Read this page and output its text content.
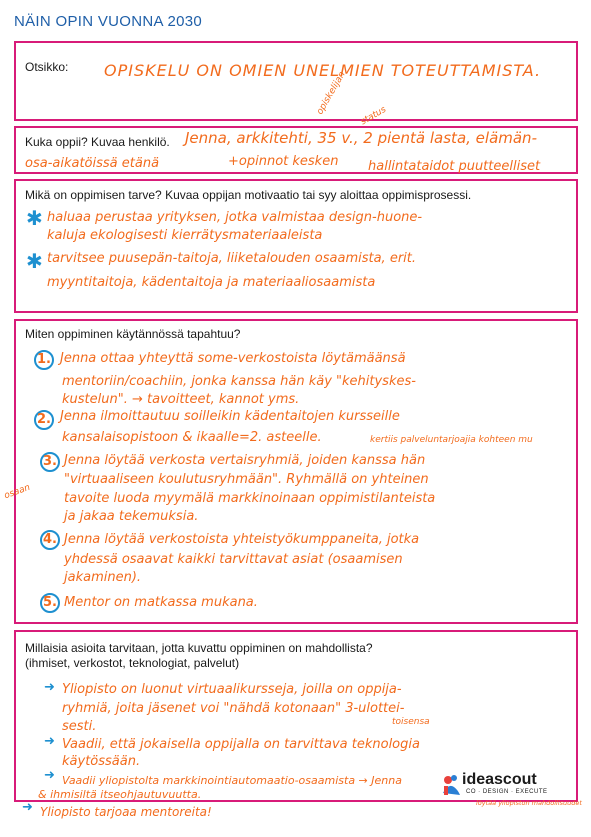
NÄIN OPIN VUONNA 2030
Otsikko: OPISKELU ON OMIEN UNELMIEN TOTEUTTAMISTA.
Kuka oppii? Kuvaa henkilö. Jenna, arkkitehti, 35 v., 2 pientä lasta, elämän-
osa-aikatöissä etänä	+opinnot kesken hallintataidot puutteelliset
opiskelijan status
Mikä on oppimisen tarve? Kuvaa oppijan motivaatio tai syy aloittaa oppimisprosessi.
✱ haluaa perustaa yrityksen, jotka valmistaa design-huone-
kaluja ekologisesti kierrätysmateriaaleista
✱ tarvitsee puusepän-taitoja, liiketalouden osaamista, erit.
myyntitaitoja, kädentaitoja ja materiaaliosaamista
Miten oppiminen käytännössä tapahtuu?
1. Jenna ottaa yhteyttä some-verkostoista löytämäänsä
mentoriin/coachiin, jonka kanssa hän käy "kehityskes-
kustelun". → tavoitteet, kannot yms.
2. Jenna ilmoittautuu soilleikin kädentaitojen kursseille
kansalaisopistoon & ikaalle=2. asteelle.	kertiis palveluntarjoajia kohteen mu
3. Jenna löytää verkosta vertaisryhmiä, joiden kanssa hän
"virtuaaliseen koulutusryhmään". Ryhmällä on yhteinen
tavoite luoda myymälä markkinoinaan oppimistilanteista
ja jakaa tekemuksia.
osaan
4. Jenna löytää verkostoista yhteistyökumppaneita, jotka
yhdessä osaavat kaikki tarvittavat asiat (osaamisen
jakaminen).
5. Mentor on matkassa mukana.
Millaisia asioita tarvitaan, jotta kuvattu oppiminen on mahdollista?
(ihmiset, verkostot, teknologiat, palvelut)
➜ Yliopisto on luonut virtuaalikursseja, joilla on oppija-
ryhmiä, joita jäsenet voi "nähdä kotonaan" 3-ulottei-
sesti.	toisensa
➜ Vaadii, että jokaisella oppijalla on tarvittava teknologia
käytössään.
➜ Vaadii yliopistolta markkinointiautomaatio-osaamista → Jenna
& ihmisiltä itseohjautuvuutta.
löytää yliopiston mahdollisuudet
➜ Yliopisto tarjoaa mentoreita!
ideascout
CO · DESIGN · EXECUTE
